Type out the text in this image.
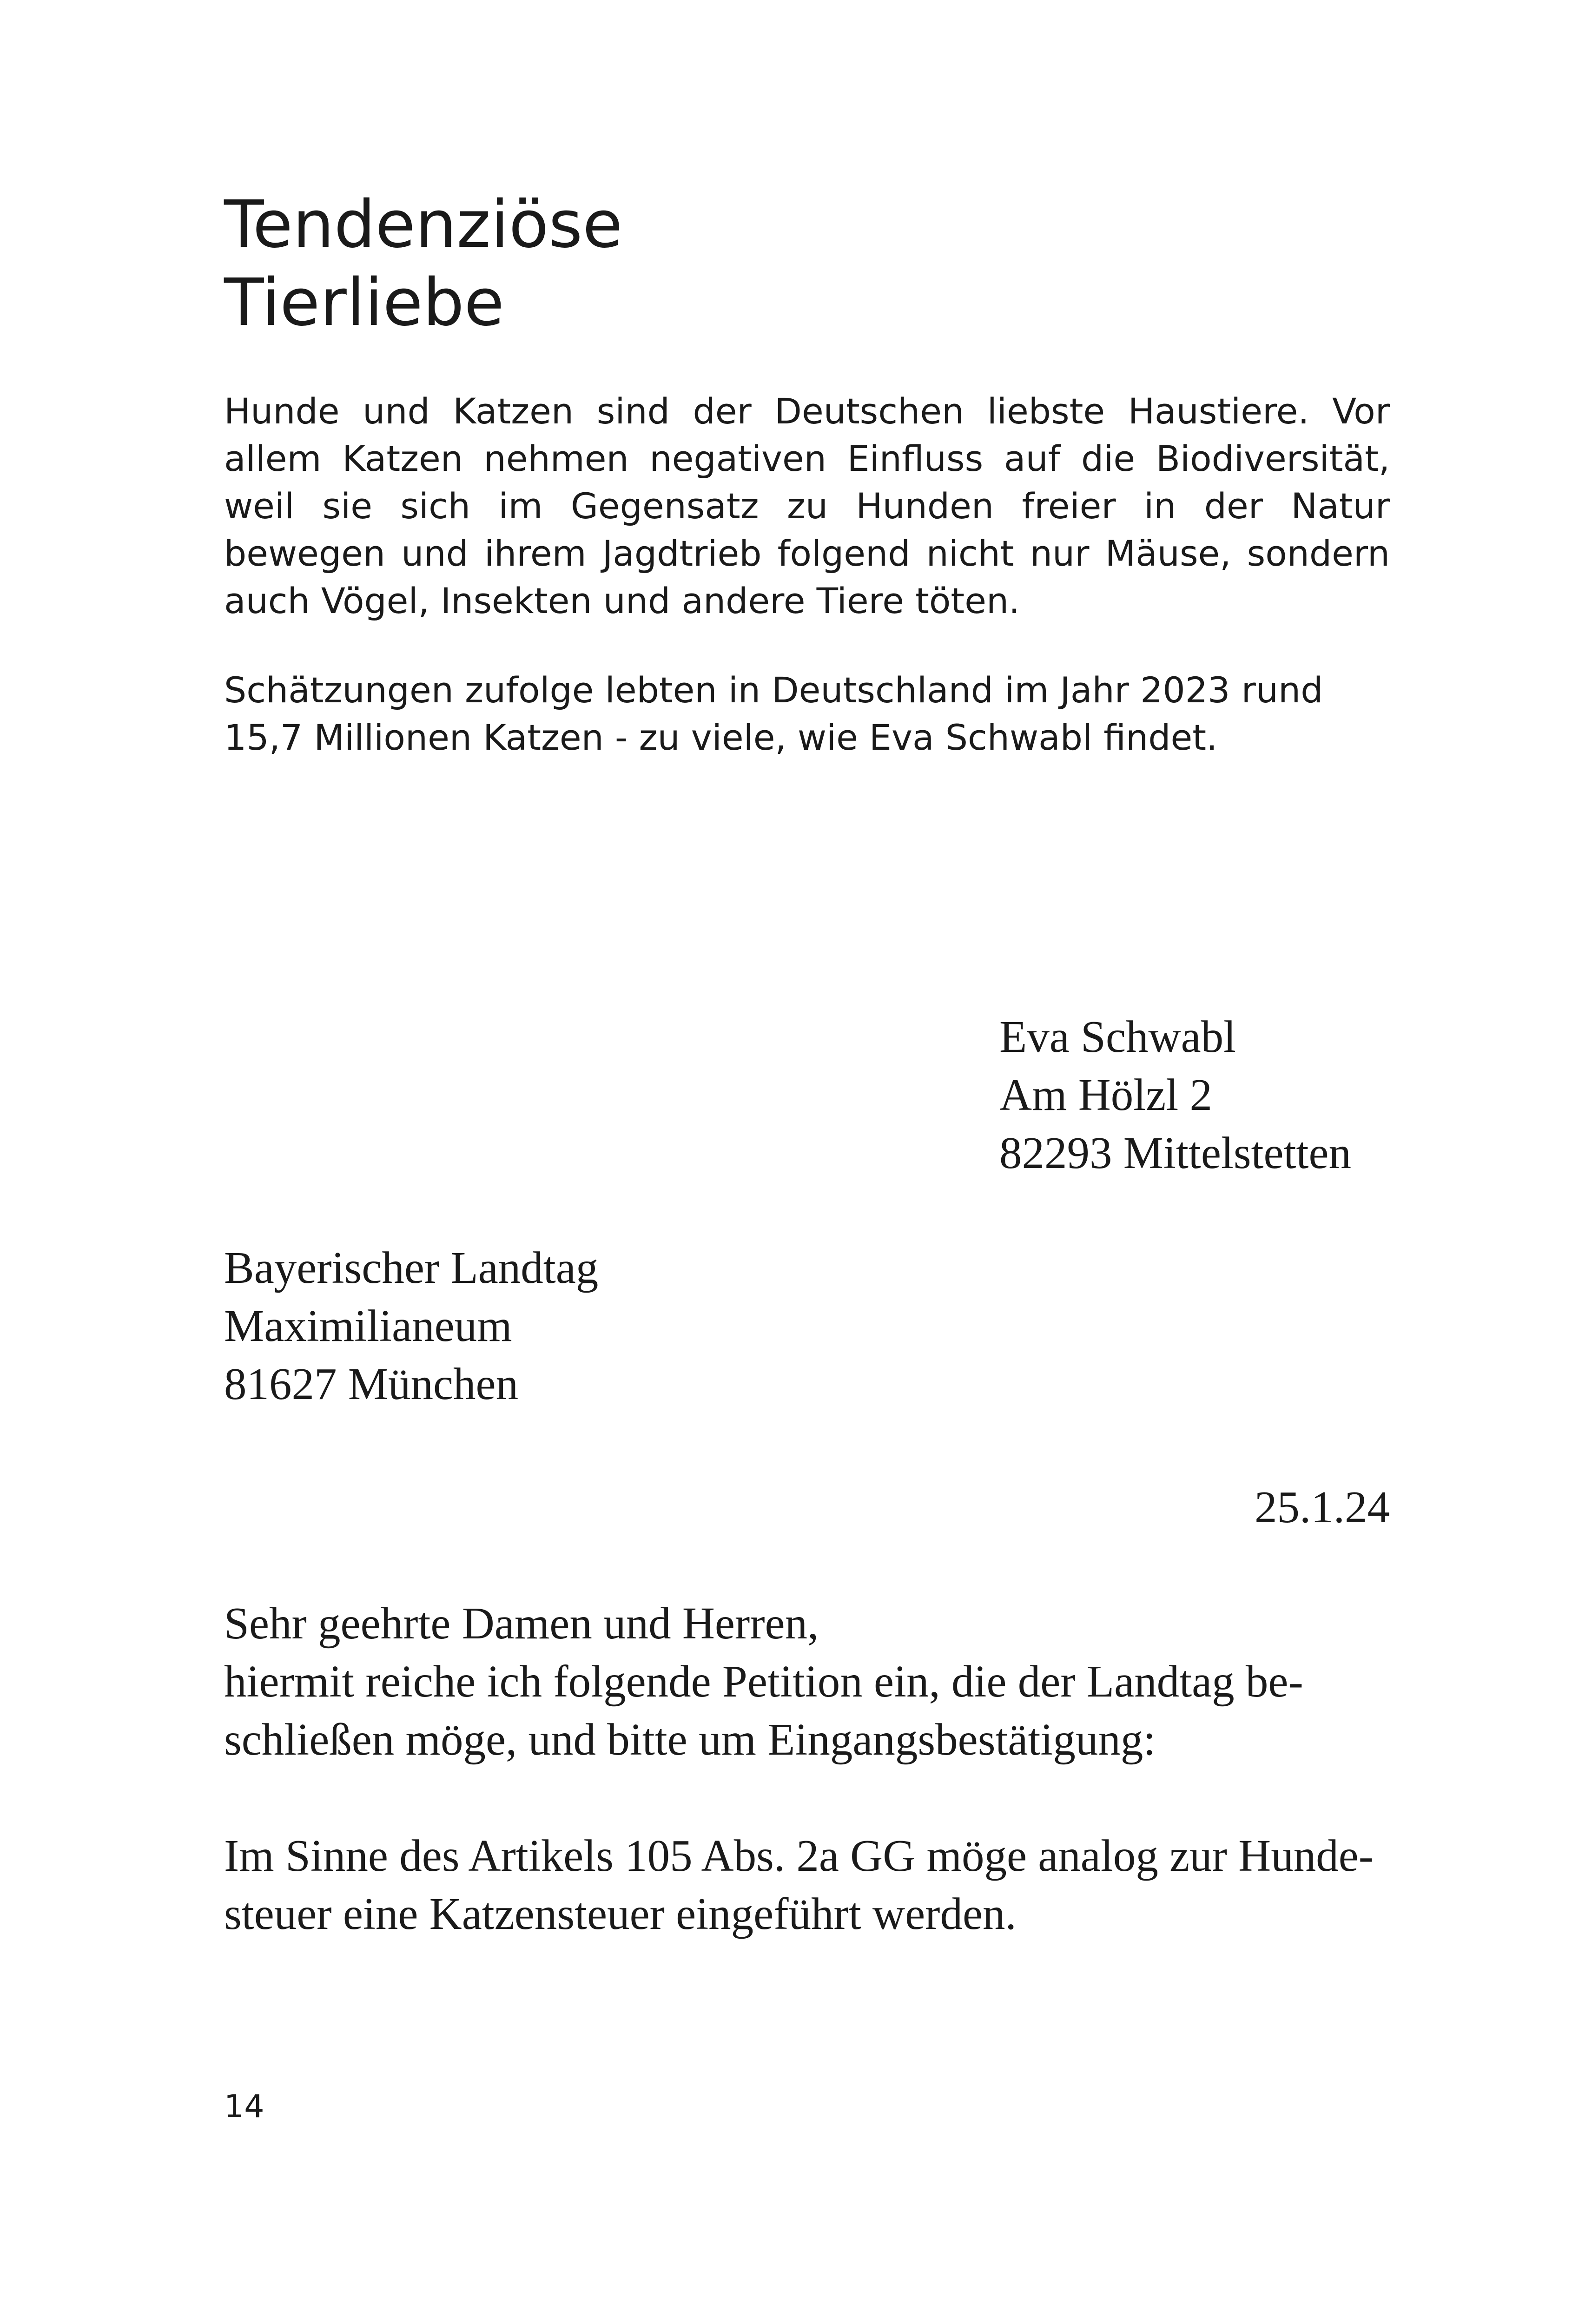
Tendenziöse
Tierliebe

Hunde und Katzen sind der Deutschen liebste Haustiere. Vor allem Katzen nehmen negativen Einfluss auf die Biodiversität, weil sie sich im Gegensatz zu Hunden freier in der Natur bewegen und ihrem Jagdtrieb folgend nicht nur Mäuse, sondern auch Vögel, Insekten und andere Tiere töten.

Schätzungen zufolge lebten in Deutschland im Jahr 2023 rund 15,7 Millionen Katzen - zu viele, wie Eva Schwabl findet.

Eva Schwabl
Am Hölzl 2
82293 Mittelstetten
Bayerischer Landtag
Maximilianeum
81627 München
25.1.24

Sehr geehrte Damen und Herren,
hiermit reiche ich folgende Petition ein, die der Landtag be-
schließen möge, und bitte um Eingangsbestätigung:

Im Sinne des Artikels 105 Abs. 2a GG möge analog zur Hunde-
steuer eine Katzensteuer eingeführt werden.

14
